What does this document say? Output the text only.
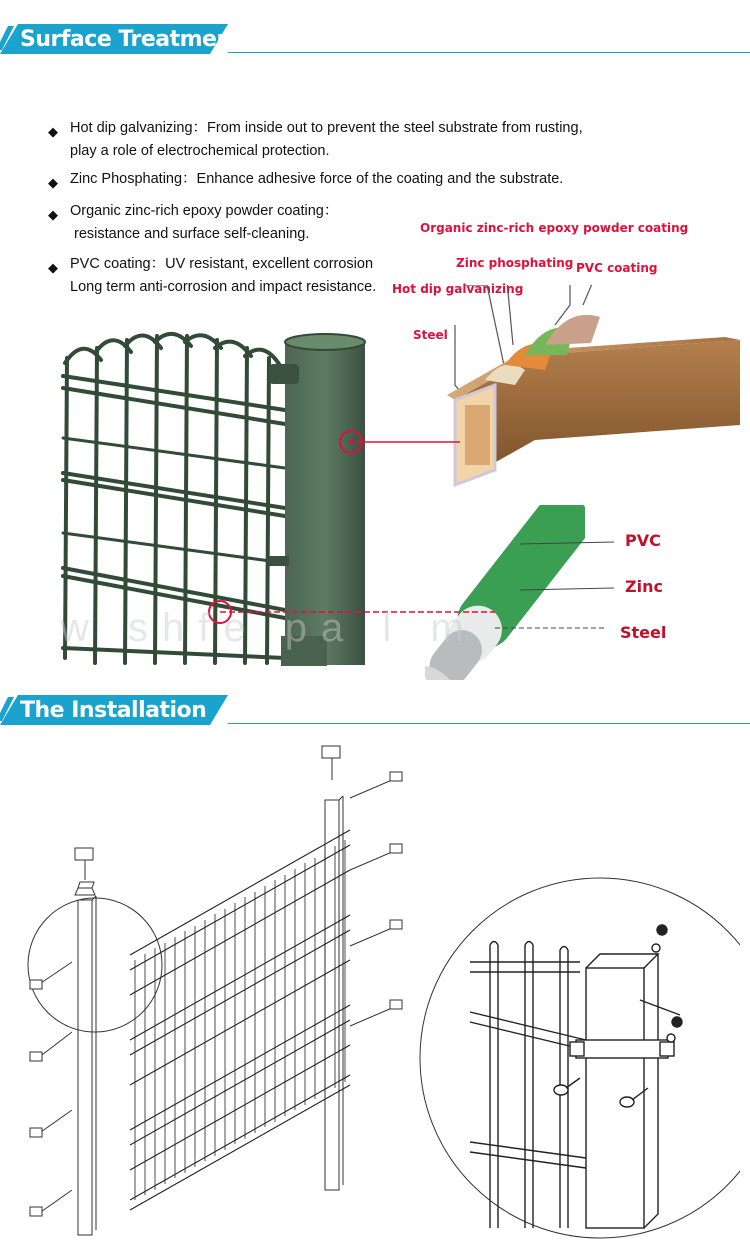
Surface Treatment
◆ Hot dip galvanizing：From inside out to prevent the steel substrate from rusting,
play a role of electrochemical protection.
◆ Zinc Phosphating：Enhance adhesive force of the coating and the substrate.
◆ Organic zinc-rich epoxy powder coating：
resistance and surface self-cleaning.
◆ PVC coating：UV resistant, excellent corrosion
Long term anti-corrosion and impact resistance.
Organic zinc-rich epoxy powder coating
Zinc phosphating PVC coating
Hot dip galvanizing
Steel
PVC
Zinc
Steel
w shfe pa l m
The Installation
